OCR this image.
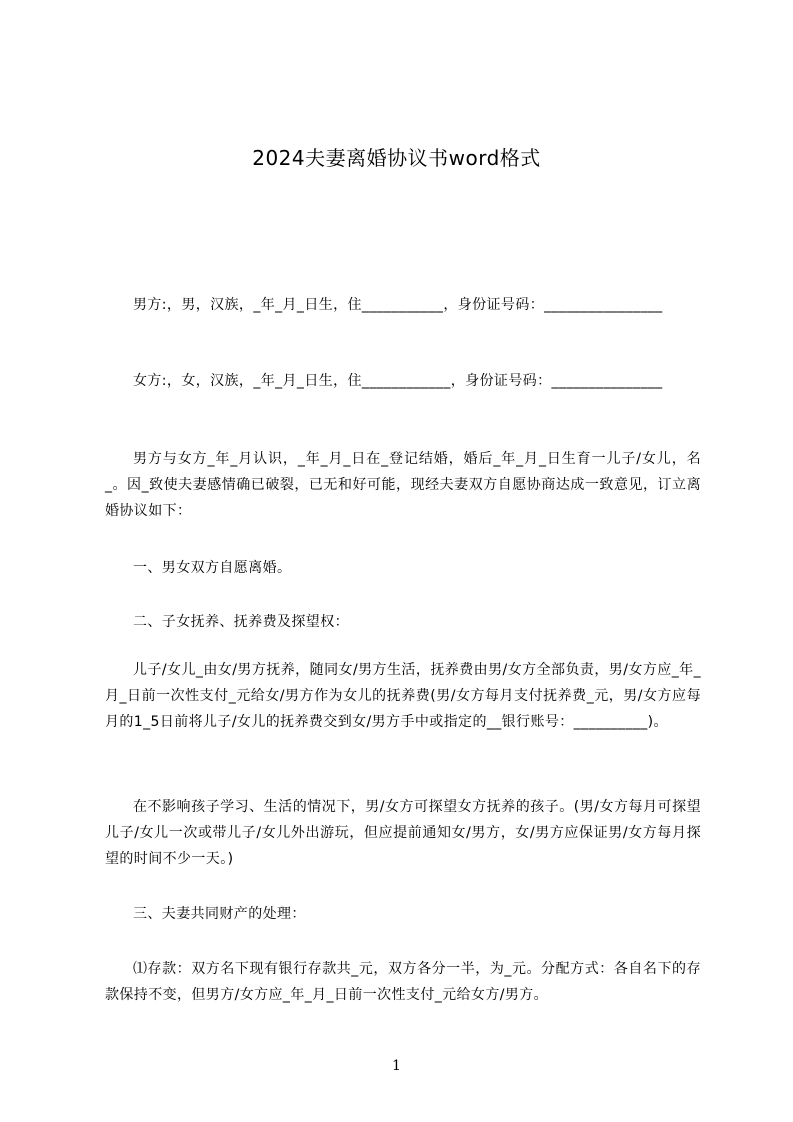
2024夫妻离婚协议书word格式
男方:，男，汉族，_年_月_日生，住___________，身份证号码：________________
女方:，女，汉族，_年_月_日生，住____________，身份证号码：_______________
男方与女方_年_月认识，_年_月_日在_登记结婚，婚后_年_月_日生育一儿子/女儿，名_。因_致使夫妻感情确已破裂，已无和好可能，现经夫妻双方自愿协商达成一致意见，订立离婚协议如下：
一、男女双方自愿离婚。
二、子女抚养、抚养费及探望权：
儿子/女儿_由女/男方抚养，随同女/男方生活，抚养费由男/女方全部负责，男/女方应_年_月_日前一次性支付_元给女/男方作为女儿的抚养费(男/女方每月支付抚养费_元，男/女方应每月的1_5日前将儿子/女儿的抚养费交到女/男方手中或指定的__银行账号：__________)。
在不影响孩子学习、生活的情况下，男/女方可探望女方抚养的孩子。(男/女方每月可探望儿子/女儿一次或带儿子/女儿外出游玩，但应提前通知女/男方，女/男方应保证男/女方每月探望的时间不少一天。)
三、夫妻共同财产的处理：
⑴存款：双方名下现有银行存款共_元，双方各分一半，为_元。分配方式：各自名下的存款保持不变，但男方/女方应_年_月_日前一次性支付_元给女方/男方。
1
